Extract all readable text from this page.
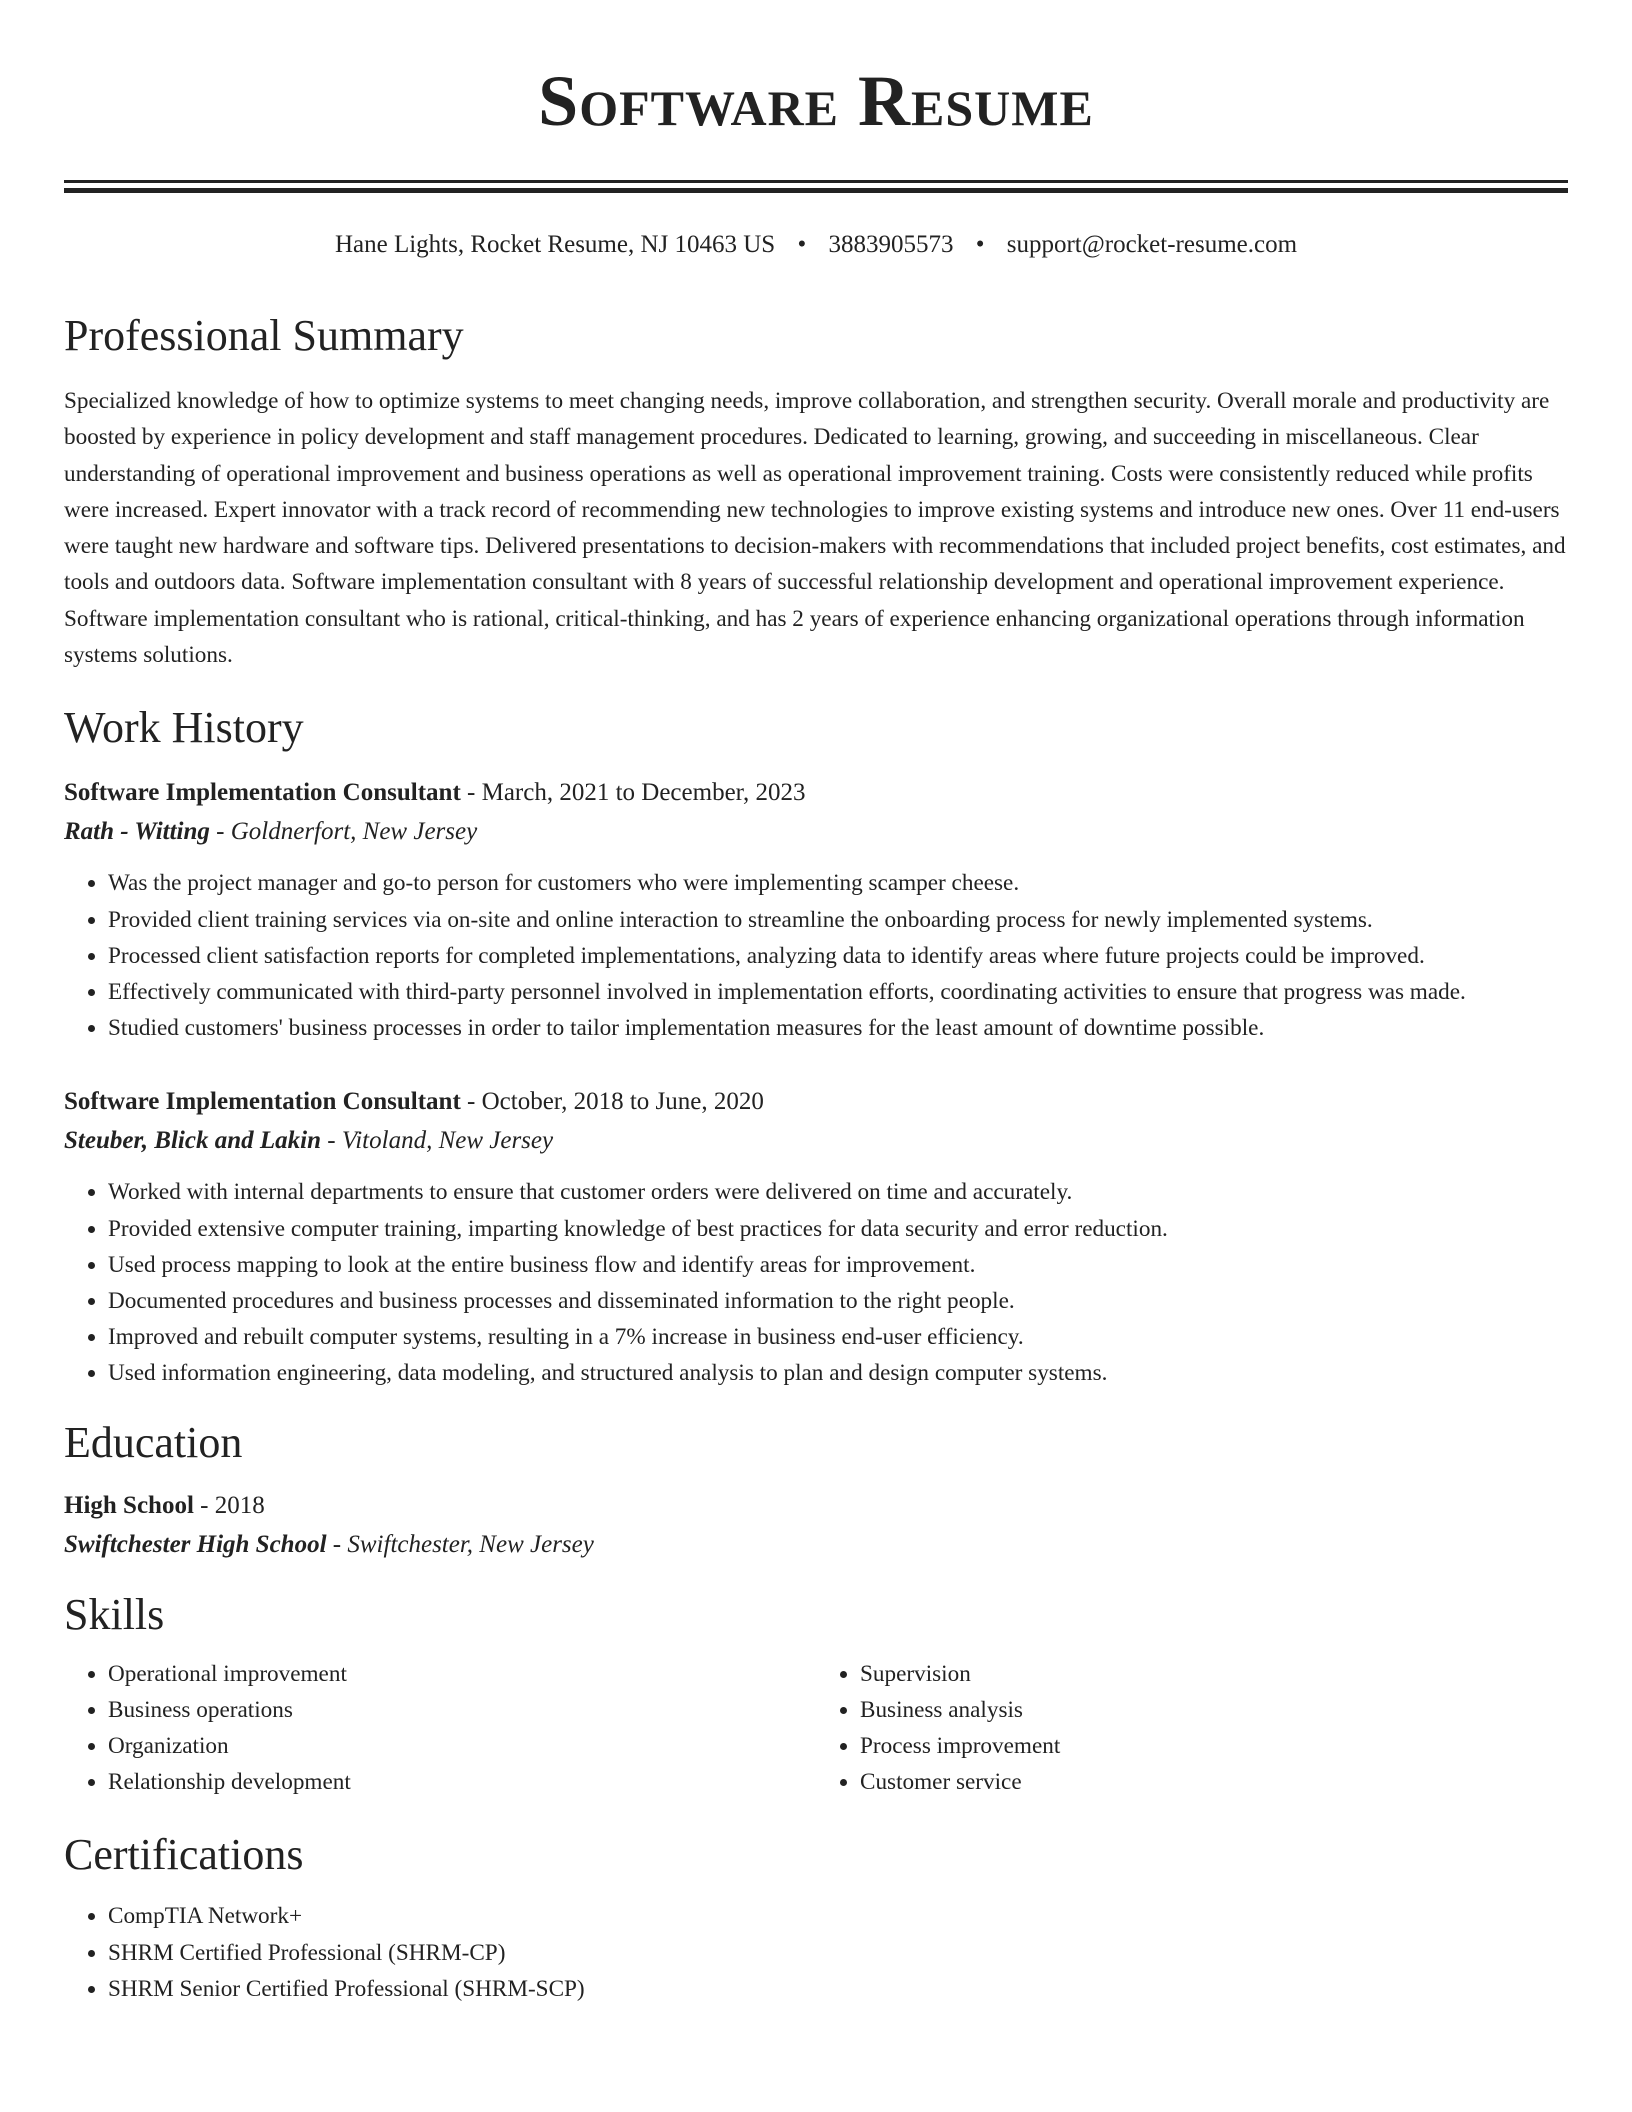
Software Resume
Hane Lights, Rocket Resume, NJ 10463 US • 3883905573 • support@rocket-resume.com
Professional Summary

Specialized knowledge of how to optimize systems to meet changing needs, improve collaboration, and strengthen security. Overall morale and productivity are boosted by experience in policy development and staff management procedures. Dedicated to learning, growing, and succeeding in miscellaneous. Clear understanding of operational improvement and business operations as well as operational improvement training. Costs were consistently reduced while profits were increased. Expert innovator with a track record of recommending new technologies to improve existing systems and introduce new ones. Over 11 end-users were taught new hardware and software tips. Delivered presentations to decision-makers with recommendations that included project benefits, cost estimates, and tools and outdoors data. Software implementation consultant with 8 years of successful relationship development and operational improvement experience. Software implementation consultant who is rational, critical-thinking, and has 2 years of experience enhancing organizational operations through information systems solutions.

Work History
Software Implementation Consultant - March, 2021 to December, 2023
Rath - Witting - Goldnerfort, New Jersey
• Was the project manager and go-to person for customers who were implementing scamper cheese.
• Provided client training services via on-site and online interaction to streamline the onboarding process for newly implemented systems.
• Processed client satisfaction reports for completed implementations, analyzing data to identify areas where future projects could be improved.
• Effectively communicated with third-party personnel involved in implementation efforts, coordinating activities to ensure that progress was made.
• Studied customers' business processes in order to tailor implementation measures for the least amount of downtime possible.
Software Implementation Consultant - October, 2018 to June, 2020
Steuber, Blick and Lakin - Vitoland, New Jersey
• Worked with internal departments to ensure that customer orders were delivered on time and accurately.
• Provided extensive computer training, imparting knowledge of best practices for data security and error reduction.
• Used process mapping to look at the entire business flow and identify areas for improvement.
• Documented procedures and business processes and disseminated information to the right people.
• Improved and rebuilt computer systems, resulting in a 7% increase in business end-user efficiency.
• Used information engineering, data modeling, and structured analysis to plan and design computer systems.
Education
High School - 2018
Swiftchester High School - Swiftchester, New Jersey
Skills
• Operational improvement
• Business operations
• Organization
• Relationship development
• Supervision
• Business analysis
• Process improvement
• Customer service
Certifications
• CompTIA Network+
• SHRM Certified Professional (SHRM-CP)
• SHRM Senior Certified Professional (SHRM-SCP)
